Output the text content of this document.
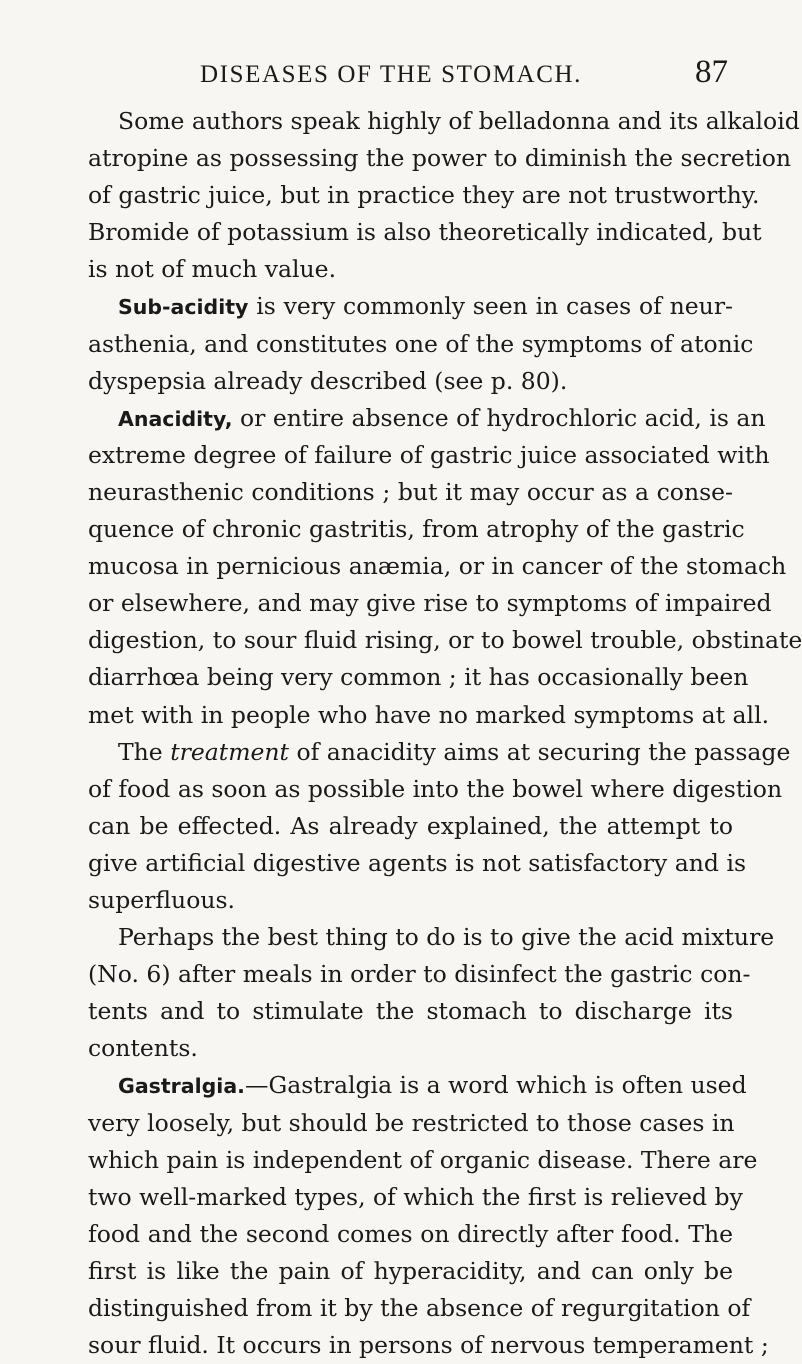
DISEASES OF THE STOMACH.	87
Some authors speak highly of belladonna and its alkaloid
atropine as possessing the power to diminish the secretion
of gastric juice, but in practice they are not trustworthy.
Bromide of potassium is also theoretically indicated, but
is not of much value.
Sub-acidity is very commonly seen in cases of neur-
asthenia, and constitutes one of the symptoms of atonic
dyspepsia already described (see p. 80).
Anacidity, or entire absence of hydrochloric acid, is an
extreme degree of failure of gastric juice associated with
neurasthenic conditions ; but it may occur as a conse-
quence of chronic gastritis, from atrophy of the gastric
mucosa in pernicious anæmia, or in cancer of the stomach
or elsewhere, and may give rise to symptoms of impaired
digestion, to sour fluid rising, or to bowel trouble, obstinate
diarrhœa being very common ; it has occasionally been
met with in people who have no marked symptoms at all.
The treatment of anacidity aims at securing the passage
of food as soon as possible into the bowel where digestion
can be effected. As already explained, the attempt to
give artificial digestive agents is not satisfactory and is
superfluous.
Perhaps the best thing to do is to give the acid mixture
(No. 6) after meals in order to disinfect the gastric con-
tents and to stimulate the stomach to discharge its
contents.
Gastralgia.—Gastralgia is a word which is often used
very loosely, but should be restricted to those cases in
which pain is independent of organic disease. There are
two well-marked types, of which the first is relieved by
food and the second comes on directly after food. The
first is like the pain of hyperacidity, and can only be
distinguished from it by the absence of regurgitation of
sour fluid. It occurs in persons of nervous temperament ;
